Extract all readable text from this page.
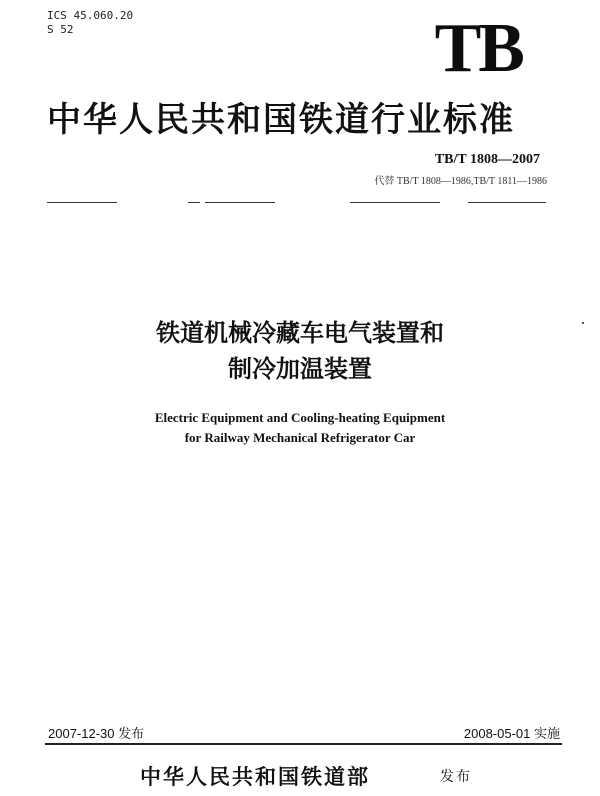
ICS 45.060.20
S 52	TB
中华人民共和国铁道行业标准
TB/T 1808—2007
代替 TB/T 1808—1986,TB/T 1811—1986
铁道机械冷藏车电气装置和
制冷加温装置
Electric Equipment and Cooling-heating Equipment
for Railway Mechanical Refrigerator Car
2007-12-30 发布	2008-05-01 实施
中华人民共和国铁道部	发布
